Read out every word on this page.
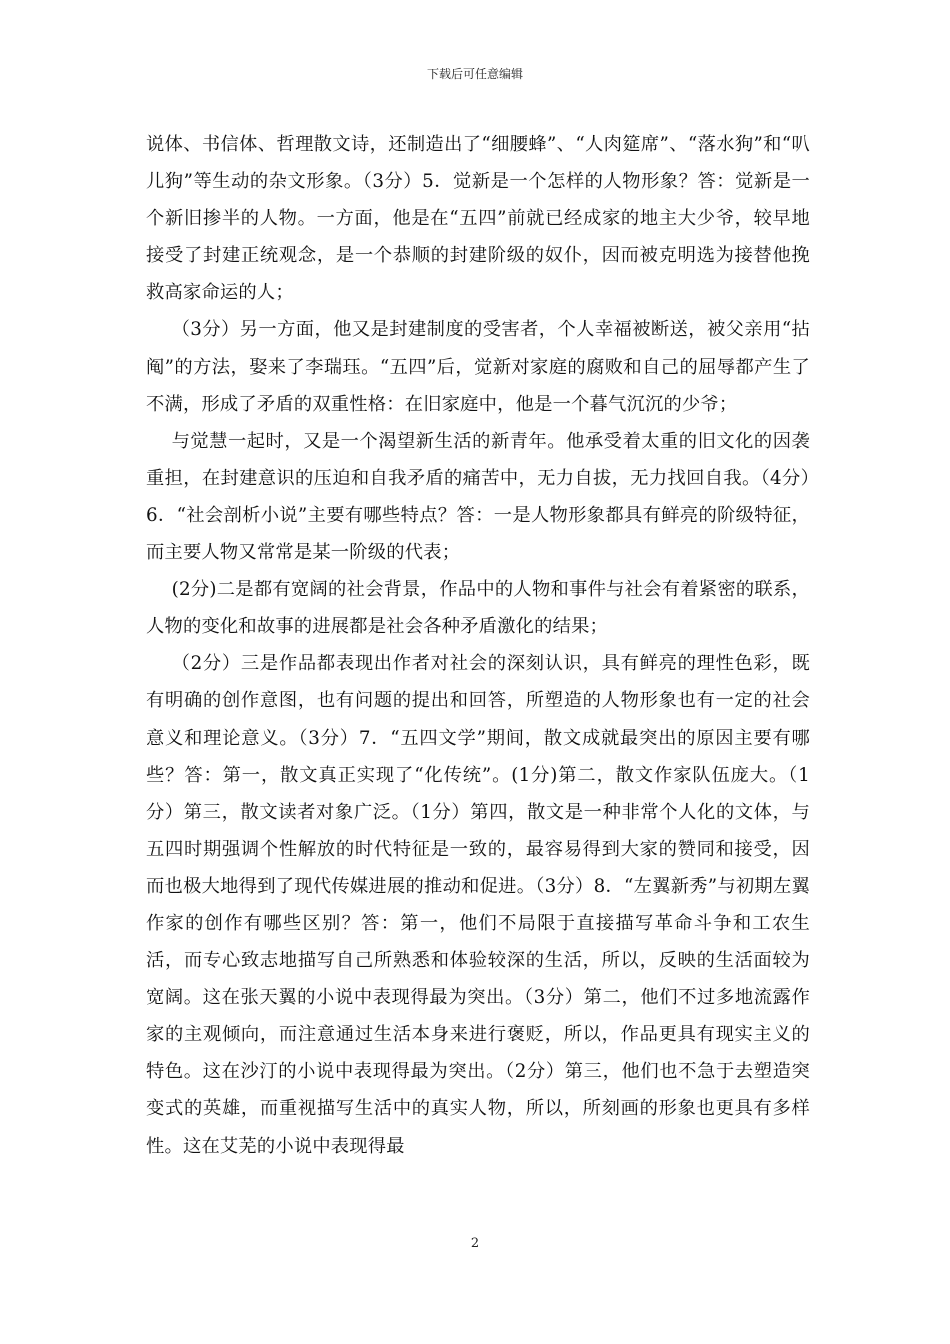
下载后可任意编辑

说体、书信体、哲理散文诗，还制造出了“细腰蜂”、“人肉筵席”、“落水狗”和“叭儿狗”等生动的杂文形象。（3分）5．觉新是一个怎样的人物形象？答：觉新是一个新旧掺半的人物。一方面，他是在“五四”前就已经成家的地主大少爷，较早地接受了封建正统观念，是一个恭顺的封建阶级的奴仆，因而被克明选为接替他挽救高家命运的人；

（3分）另一方面，他又是封建制度的受害者，个人幸福被断送，被父亲用“拈阄”的方法，娶来了李瑞珏。“五四”后，觉新对家庭的腐败和自己的屈辱都产生了不满，形成了矛盾的双重性格：在旧家庭中，他是一个暮气沉沉的少爷；

与觉慧一起时，又是一个渴望新生活的新青年。他承受着太重的旧文化的因袭重担，在封建意识的压迫和自我矛盾的痛苦中，无力自拔，无力找回自我。（4分）6．“社会剖析小说”主要有哪些特点？答：一是人物形象都具有鲜亮的阶级特征，而主要人物又常常是某一阶级的代表；

(2分)二是都有宽阔的社会背景，作品中的人物和事件与社会有着紧密的联系，人物的变化和故事的进展都是社会各种矛盾激化的结果；

（2分）三是作品都表现出作者对社会的深刻认识，具有鲜亮的理性色彩，既有明确的创作意图，也有问题的提出和回答，所塑造的人物形象也有一定的社会意义和理论意义。（3分）7．“五四文学”期间，散文成就最突出的原因主要有哪些？答：第一，散文真正实现了“化传统”。(1分)第二，散文作家队伍庞大。（1分）第三，散文读者对象广泛。（1分）第四，散文是一种非常个人化的文体，与五四时期强调个性解放的时代特征是一致的，最容易得到大家的赞同和接受，因而也极大地得到了现代传媒进展的推动和促进。（3分）8．“左翼新秀”与初期左翼作家的创作有哪些区别？答：第一，他们不局限于直接描写革命斗争和工农生活，而专心致志地描写自己所熟悉和体验较深的生活，所以，反映的生活面较为宽阔。这在张天翼的小说中表现得最为突出。（3分）第二，他们不过多地流露作家的主观倾向，而注意通过生活本身来进行褒贬，所以，作品更具有现实主义的特色。这在沙汀的小说中表现得最为突出。（2分）第三，他们也不急于去塑造突变式的英雄，而重视描写生活中的真实人物，所以，所刻画的形象也更具有多样性。这在艾芜的小说中表现得最

2
